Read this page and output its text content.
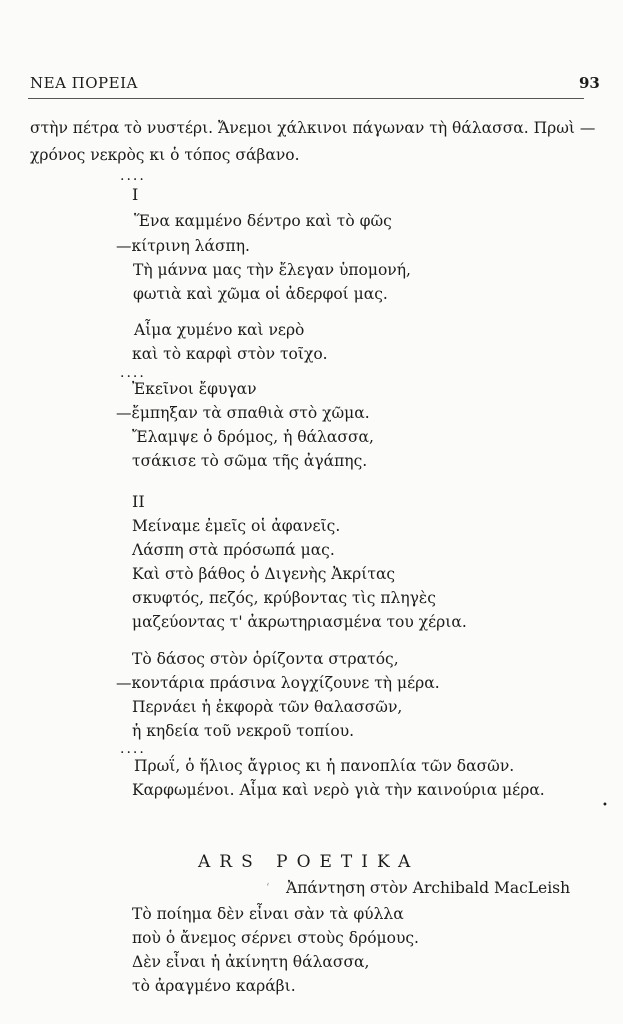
ΝΕΑ ΠΟΡΕΙΑ	93
στὴν πέτρα τὸ νυστέρι. Ἄνεμοι χάλκινοι πάγωναν τὴ θάλασσα. Πρωὶ —
χρόνος νεκρὸς κι ὁ τόπος σάβανο.
....
Ι
Ἕνα καμμένο δέντρο καὶ τὸ φῶς
—κίτρινη λάσπη.
Τὴ μάννα μας τὴν ἔλεγαν ὑπομονή,
φωτιὰ καὶ χῶμα οἱ ἀδερφοί μας.
Αἷμα χυμένο καὶ νερὸ
καὶ τὸ καρφὶ στὸν τοῖχο.
....
Ἐκεῖνοι ἔφυγαν
—ἔμπηξαν τὰ σπαθιὰ στὸ χῶμα.
Ἔλαμψε ὁ δρόμος, ἡ θάλασσα,
τσάκισε τὸ σῶμα τῆς ἀγάπης.
ΙΙ
Μείναμε ἐμεῖς οἱ ἀφανεῖς.
Λάσπη στὰ πρόσωπά μας.
Καὶ στὸ βάθος ὁ Διγενὴς Ἀκρίτας
σκυφτός, πεζός, κρύβοντας τὶς πληγὲς
μαζεύοντας τ' ἀκρωτηριασμένα του χέρια.
Τὸ δάσος στὸν ὁρίζοντα στρατός,
—κοντάρια πράσινα λογχίζουνε τὴ μέρα.
Περνάει ἡ ἐκφορὰ τῶν θαλασσῶν,
ἡ κηδεία τοῦ νεκροῦ τοπίου.
....
Πρωΐ, ὁ ἥλιος ἄγριος κι ἡ πανοπλία τῶν δασῶν.
Καρφωμένοι. Αἷμα καὶ νερὸ γιὰ τὴν καινούρια μέρα.
•
ARS POETIKA
ʻ Ἀπάντηση στὸν Archibald MacLeish
Τὸ ποίημα δὲν εἶναι σὰν τὰ φύλλα
ποὺ ὁ ἄνεμος σέρνει στοὺς δρόμους.
Δὲν εἶναι ἡ ἀκίνητη θάλασσα,
τὸ ἀραγμένο καράβι.
